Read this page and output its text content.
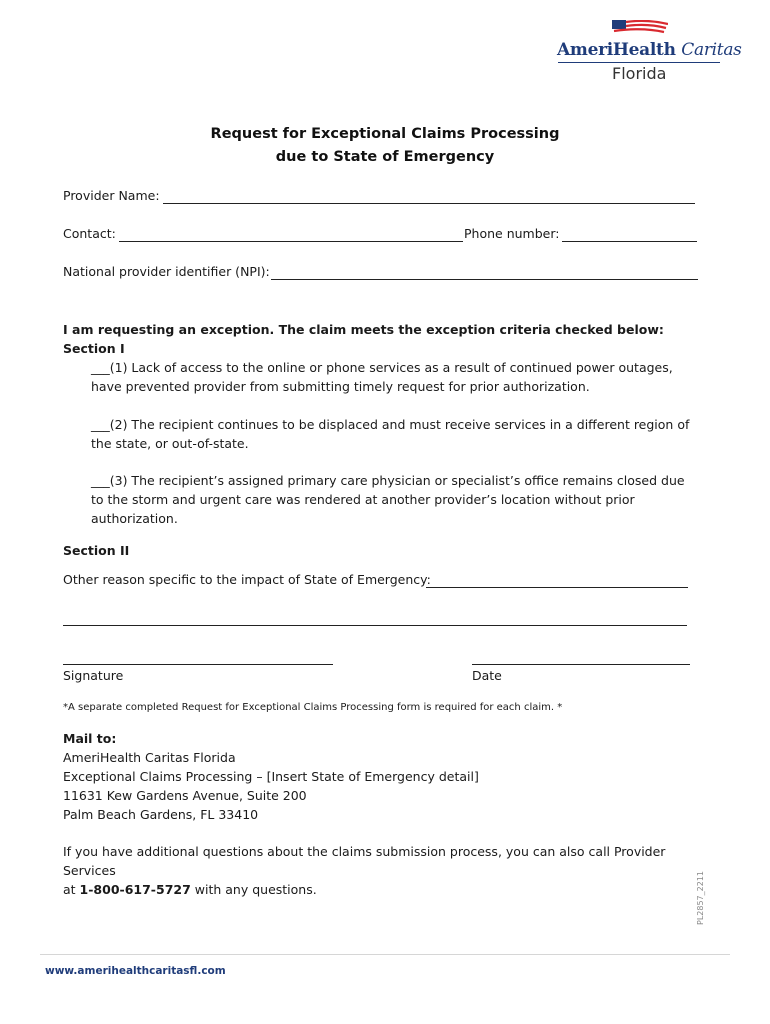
AmeriHealth Caritas
Florida
Request for Exceptional Claims Processing
due to State of Emergency
Provider Name:
Contact:	Phone number:
National provider identifier (NPI):
I am requesting an exception. The claim meets the exception criteria checked below:
Section I
___(1) Lack of access to the online or phone services as a result of continued power outages,
have prevented provider from submitting timely request for prior authorization.
___(2) The recipient continues to be displaced and must receive services in a different region of
the state, or out-of-state.
___(3) The recipient’s assigned primary care physician or specialist’s office remains closed due
to the storm and urgent care was rendered at another provider’s location without prior
authorization.
Section II
Other reason specific to the impact of State of Emergency:
Signature	Date
*A separate completed Request for Exceptional Claims Processing form is required for each claim. *
Mail to:
AmeriHealth Caritas Florida
Exceptional Claims Processing – [Insert State of Emergency detail]
11631 Kew Gardens Avenue, Suite 200
Palm Beach Gardens, FL 33410
If you have additional questions about the claims submission process, you can also call Provider Services
at 1-800-617-5727 with any questions.	PL2857_2211
www.amerihealthcaritasfl.com
